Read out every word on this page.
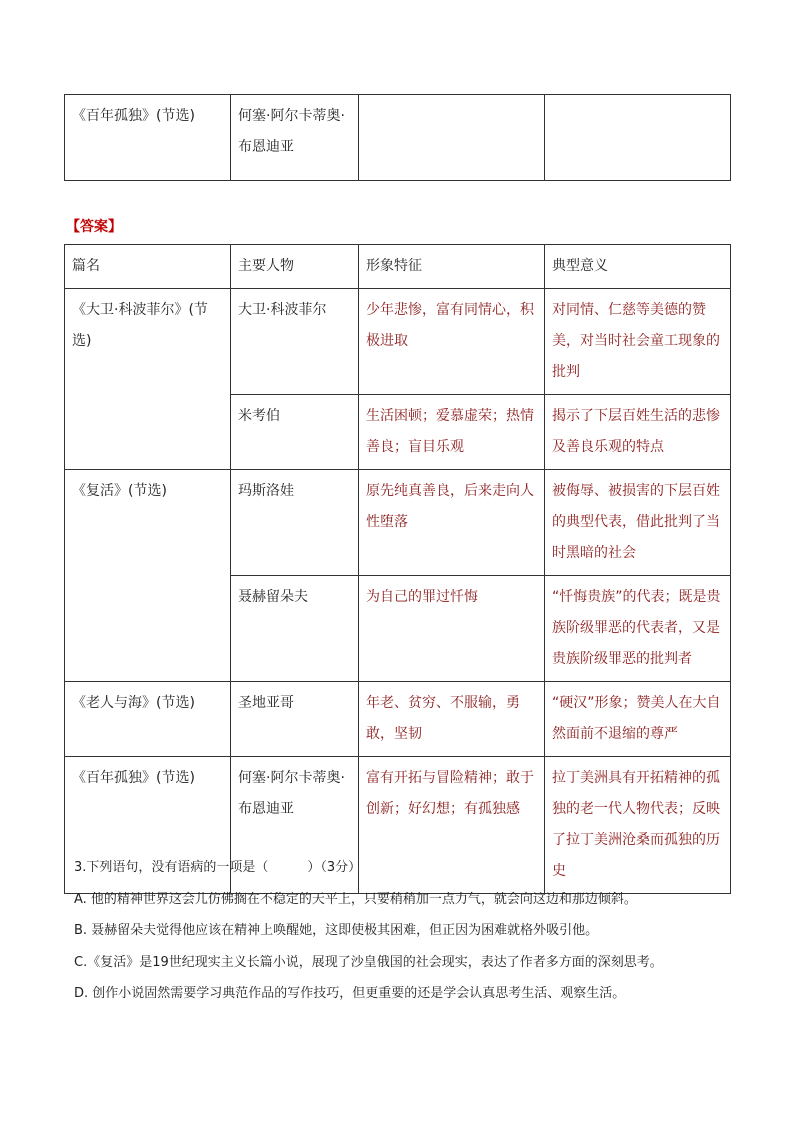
《百年孤独》(节选)	何塞·阿尔卡蒂奥·布恩迪亚		
【答案】
篇名	主要人物	形象特征	典型意义
《大卫·科波菲尔》(节选)	大卫·科波菲尔	少年悲惨，富有同情心，积极进取	对同情、仁慈等美德的赞美，对当时社会童工现象的批判
	米考伯	生活困顿；爱慕虚荣；热情善良；盲目乐观	揭示了下层百姓生活的悲惨及善良乐观的特点
《复活》(节选)	玛斯洛娃	原先纯真善良，后来走向人性堕落	被侮辱、被损害的下层百姓的典型代表，借此批判了当时黑暗的社会
	聂赫留朵夫	为自己的罪过忏悔	“忏悔贵族”的代表；既是贵族阶级罪恶的代表者，又是贵族阶级罪恶的批判者
《老人与海》(节选)	圣地亚哥	年老、贫穷、不服输，勇敢，坚韧	“硬汉”形象；赞美人在大自然面前不退缩的尊严
《百年孤独》(节选)	何塞·阿尔卡蒂奥·布恩迪亚	富有开拓与冒险精神；敢于创新；好幻想；有孤独感	拉丁美洲具有开拓精神的孤独的老一代人物代表；反映了拉丁美洲沧桑而孤独的历史

3.下列语句，没有语病的一项是（　　　）（3分）

A. 他的精神世界这会儿仿佛搁在不稳定的天平上，只要稍稍加一点力气，就会向这边和那边倾斜。

B. 聂赫留朵夫觉得他应该在精神上唤醒她，这即使极其困难，但正因为困难就格外吸引他。

C.《复活》是19世纪现实主义长篇小说，展现了沙皇俄国的社会现实，表达了作者多方面的深刻思考。

D. 创作小说固然需要学习典范作品的写作技巧，但更重要的还是学会认真思考生活、观察生活。
